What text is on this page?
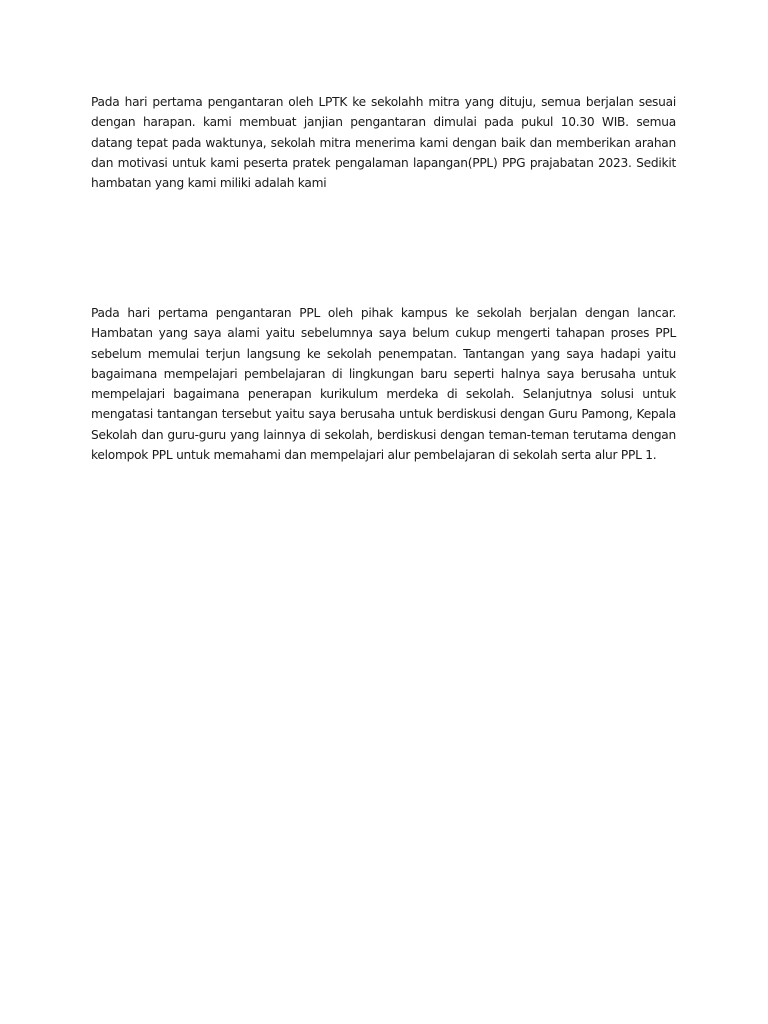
Pada hari pertama pengantaran oleh LPTK ke sekolahh mitra yang dituju, semua berjalan sesuai dengan harapan. kami membuat janjian pengantaran dimulai pada pukul 10.30 WIB. semua datang tepat pada waktunya, sekolah mitra menerima kami dengan baik dan memberikan arahan dan motivasi untuk kami peserta pratek pengalaman lapangan(PPL) PPG prajabatan 2023. Sedikit hambatan yang kami miliki adalah kami

Pada hari pertama pengantaran PPL oleh pihak kampus ke sekolah berjalan dengan lancar. Hambatan yang saya alami yaitu sebelumnya saya belum cukup mengerti tahapan proses PPL sebelum memulai terjun langsung ke sekolah penempatan. Tantangan yang saya hadapi yaitu bagaimana mempelajari pembelajaran di lingkungan baru seperti halnya saya berusaha untuk mempelajari bagaimana penerapan kurikulum merdeka di sekolah. Selanjutnya solusi untuk mengatasi tantangan tersebut yaitu saya berusaha untuk berdiskusi dengan Guru Pamong, Kepala Sekolah dan guru-guru yang lainnya di sekolah, berdiskusi dengan teman-teman terutama dengan kelompok PPL untuk memahami dan mempelajari alur pembelajaran di sekolah serta alur PPL 1.
